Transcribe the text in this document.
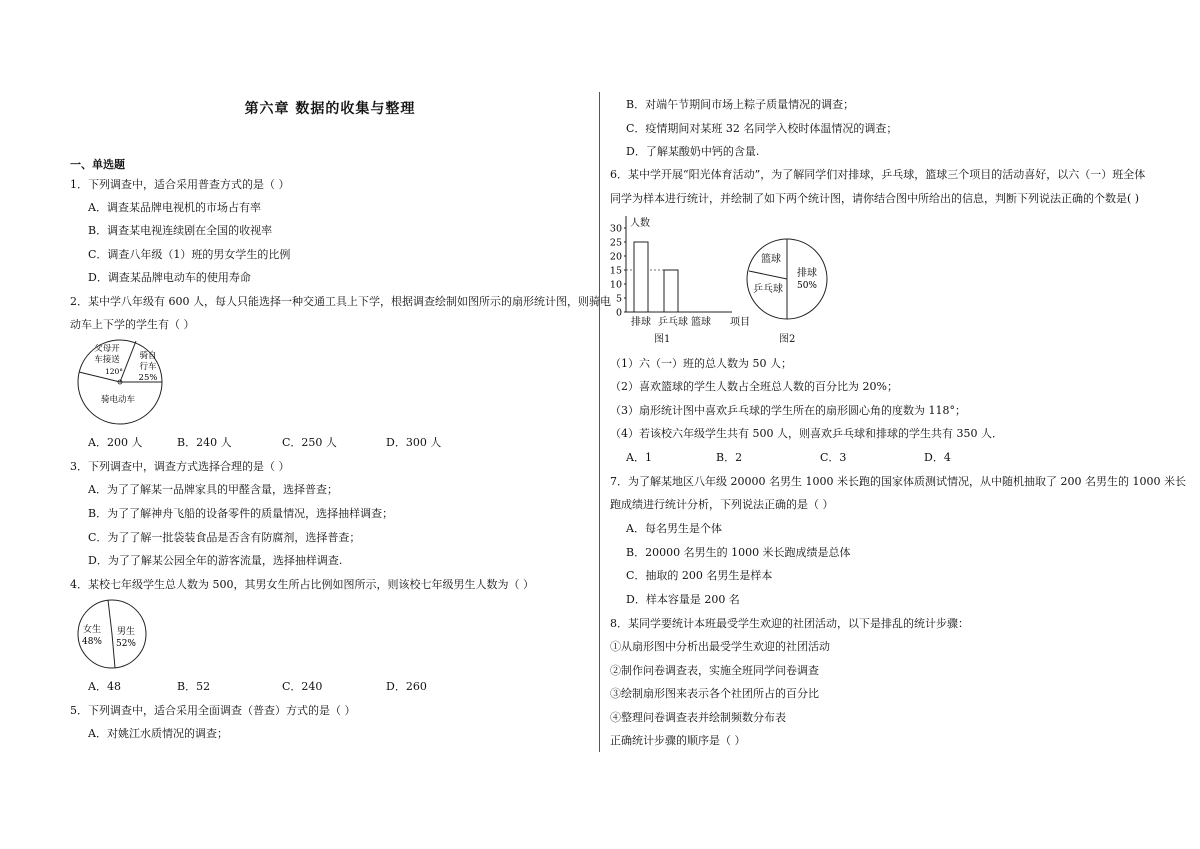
第六章 数据的收集与整理
一、单选题
1．下列调查中，适合采用普查方式的是（ ）
A．调查某品牌电视机的市场占有率
B．调查某电视连续剧在全国的收视率
C．调查八年级（1）班的男女学生的比例
D．调查某品牌电动车的使用寿命
2．某中学八年级有 600 人，每人只能选择一种交通工具上下学，根据调查绘制如图所示的扇形统计图，则骑电
动车上下学的学生有（ ）
父母开
车接送
120°
骑自
行车
25%
骑电动车
A．200 人	B．240 人	C．250 人	D．300 人
3．下列调查中，调查方式选择合理的是（ ）
A．为了了解某一品牌家具的甲醛含量，选择普查；
B．为了了解神舟飞船的设备零件的质量情况，选择抽样调查；
C．为了了解一批袋装食品是否含有防腐剂，选择普查；
D．为了了解某公园全年的游客流量，选择抽样调查.
4．某校七年级学生总人数为 500，其男女生所占比例如图所示，则该校七年级男生人数为（ ）
女生
48%
男生
52%
A．48	B．52	C．240	D．260
5．下列调查中，适合采用全面调查（普查）方式的是（ ）
A．对姚江水质情况的调查；
B．对端午节期间市场上粽子质量情况的调查；
C．疫情期间对某班 32 名同学入校时体温情况的调查；
D．了解某酸奶中钙的含量.
6．某中学开展“阳光体育活动”，为了解同学们对排球，乒乓球，篮球三个项目的活动喜好，以六（一）班全体
同学为样本进行统计，并绘制了如下两个统计图，请你结合图中所给出的信息，判断下列说法正确的个数是( )
人数
项目
0
5
10
15
20
25
30
排球 乒乓球 篮球
图1
篮球
乒乓球
排球
50%
图2
（1）六（一）班的总人数为 50 人；
（2）喜欢篮球的学生人数占全班总人数的百分比为 20%；
（3）扇形统计图中喜欢乒乓球的学生所在的扇形圆心角的度数为 118°；
（4）若该校六年级学生共有 500 人，则喜欢乒乓球和排球的学生共有 350 人．
A．1	B．2	C．3	D．4
7．为了解某地区八年级 20000 名男生 1000 米长跑的国家体质测试情况，从中随机抽取了 200 名男生的 1000 米长
跑成绩进行统计分析，下列说法正确的是（ ）
A．每名男生是个体
B．20000 名男生的 1000 米长跑成绩是总体
C．抽取的 200 名男生是样本
D．样本容量是 200 名
8．某同学要统计本班最受学生欢迎的社团活动，以下是排乱的统计步骤：
①从扇形图中分析出最受学生欢迎的社团活动
②制作问卷调查表，实施全班同学问卷调查
③绘制扇形图来表示各个社团所占的百分比
④整理问卷调查表并绘制频数分布表
正确统计步骤的顺序是（ ）
